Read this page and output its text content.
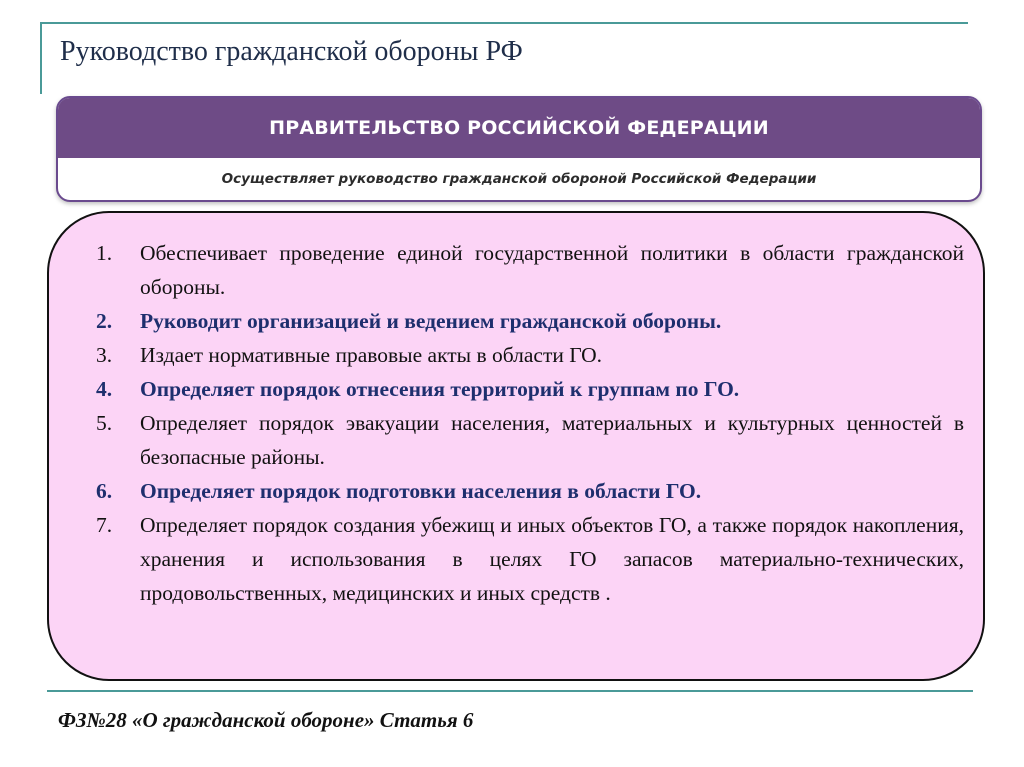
Руководство гражданской обороны РФ
ПРАВИТЕЛЬСТВО РОССИЙСКОЙ ФЕДЕРАЦИИ
Осуществляет руководство гражданской обороной Российской Федерации
1.	Обеспечивает проведение единой государственной политики в области гражданской обороны.
2.	Руководит организацией и ведением гражданской обороны.
3.	Издает нормативные правовые акты в области ГО.
4.	Определяет порядок отнесения территорий к группам по ГО.
5.	Определяет порядок эвакуации населения, материальных и культурных ценностей в безопасные районы.
6.	Определяет порядок подготовки населения в области ГО.
7.	Определяет порядок создания убежищ и иных объектов ГО, а также порядок накопления, хранения и использования в целях ГО запасов материально-технических, продовольственных, медицинских и иных средств .
ФЗ№28 «О гражданской обороне» Статья 6
